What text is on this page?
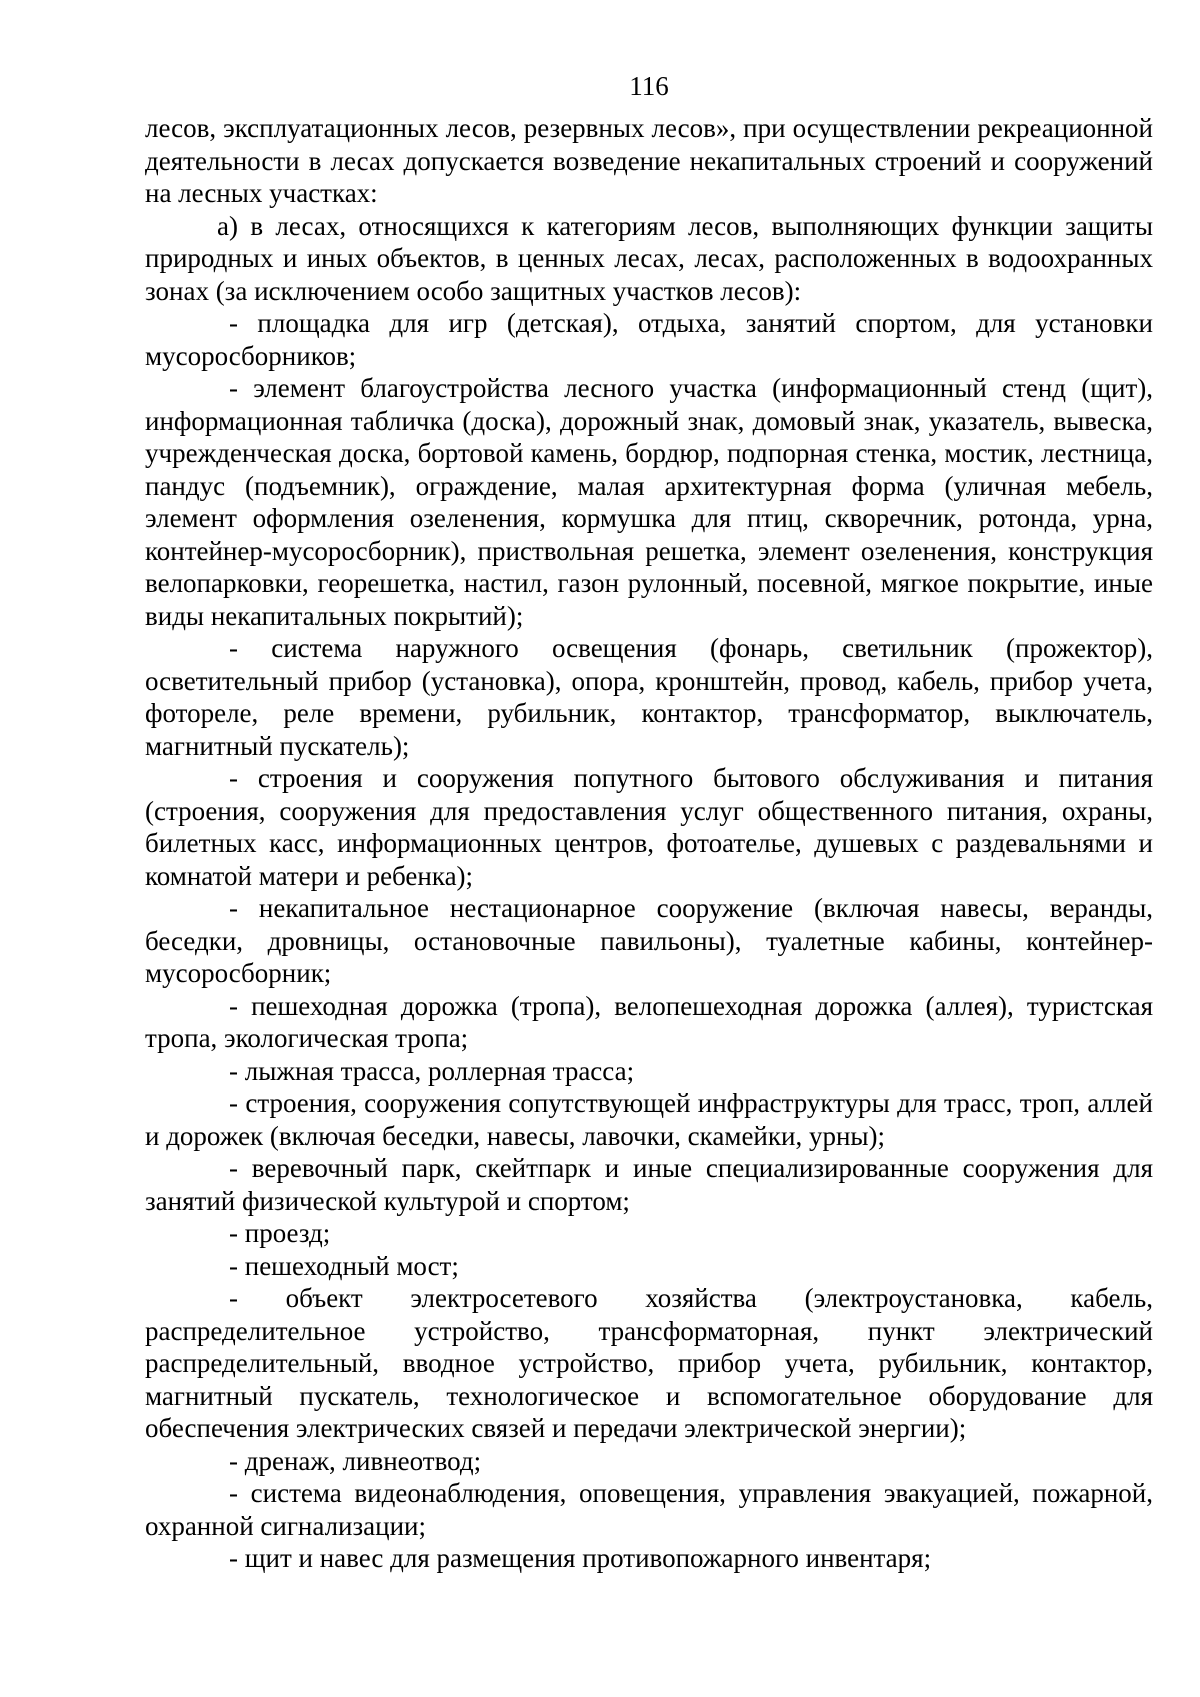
116

лесов, эксплуатационных лесов, резервных лесов», при осуществлении рекреационной деятельности в лесах допускается возведение некапитальных строений и сооружений на лесных участках:

а) в лесах, относящихся к категориям лесов, выполняющих функции защиты природных и иных объектов, в ценных лесах, лесах, расположенных в водоохранных зонах (за исключением особо защитных участков лесов):

- площадка для игр (детская), отдыха, занятий спортом, для установки мусоросборников;

- элемент благоустройства лесного участка (информационный стенд (щит), информационная табличка (доска), дорожный знак, домовый знак, указатель, вывеска, учрежденческая доска, бортовой камень, бордюр, подпорная стенка, мостик, лестница, пандус (подъемник), ограждение, малая архитектурная форма (уличная мебель, элемент оформления озеленения, кормушка для птиц, скворечник, ротонда, урна, контейнер-мусоросборник), приствольная решетка, элемент озеленения, конструкция велопарковки, георешетка, настил, газон рулонный, посевной, мягкое покрытие, иные виды некапитальных покрытий);

- система наружного освещения (фонарь, светильник (прожектор), осветительный прибор (установка), опора, кронштейн, провод, кабель, прибор учета, фотореле, реле времени, рубильник, контактор, трансформатор, выключатель, магнитный пускатель);

- строения и сооружения попутного бытового обслуживания и питания (строения, сооружения для предоставления услуг общественного питания, охраны, билетных касс, информационных центров, фотоателье, душевых с раздевальнями и комнатой матери и ребенка);

- некапитальное нестационарное сооружение (включая навесы, веранды, беседки, дровницы, остановочные павильоны), туалетные кабины, контейнер-мусоросборник;

- пешеходная дорожка (тропа), велопешеходная дорожка (аллея), туристская тропа, экологическая тропа;

- лыжная трасса, роллерная трасса;

- строения, сооружения сопутствующей инфраструктуры для трасс, троп, аллей и дорожек (включая беседки, навесы, лавочки, скамейки, урны);

- веревочный парк, скейтпарк и иные специализированные сооружения для занятий физической культурой и спортом;

- проезд;

- пешеходный мост;

- объект электросетевого хозяйства (электроустановка, кабель, распределительное устройство, трансформаторная, пункт электрический распределительный, вводное устройство, прибор учета, рубильник, контактор, магнитный пускатель, технологическое и вспомогательное оборудование для обеспечения электрических связей и передачи электрической энергии);

- дренаж, ливнеотвод;

- система видеонаблюдения, оповещения, управления эвакуацией, пожарной, охранной сигнализации;

- щит и навес для размещения противопожарного инвентаря;
